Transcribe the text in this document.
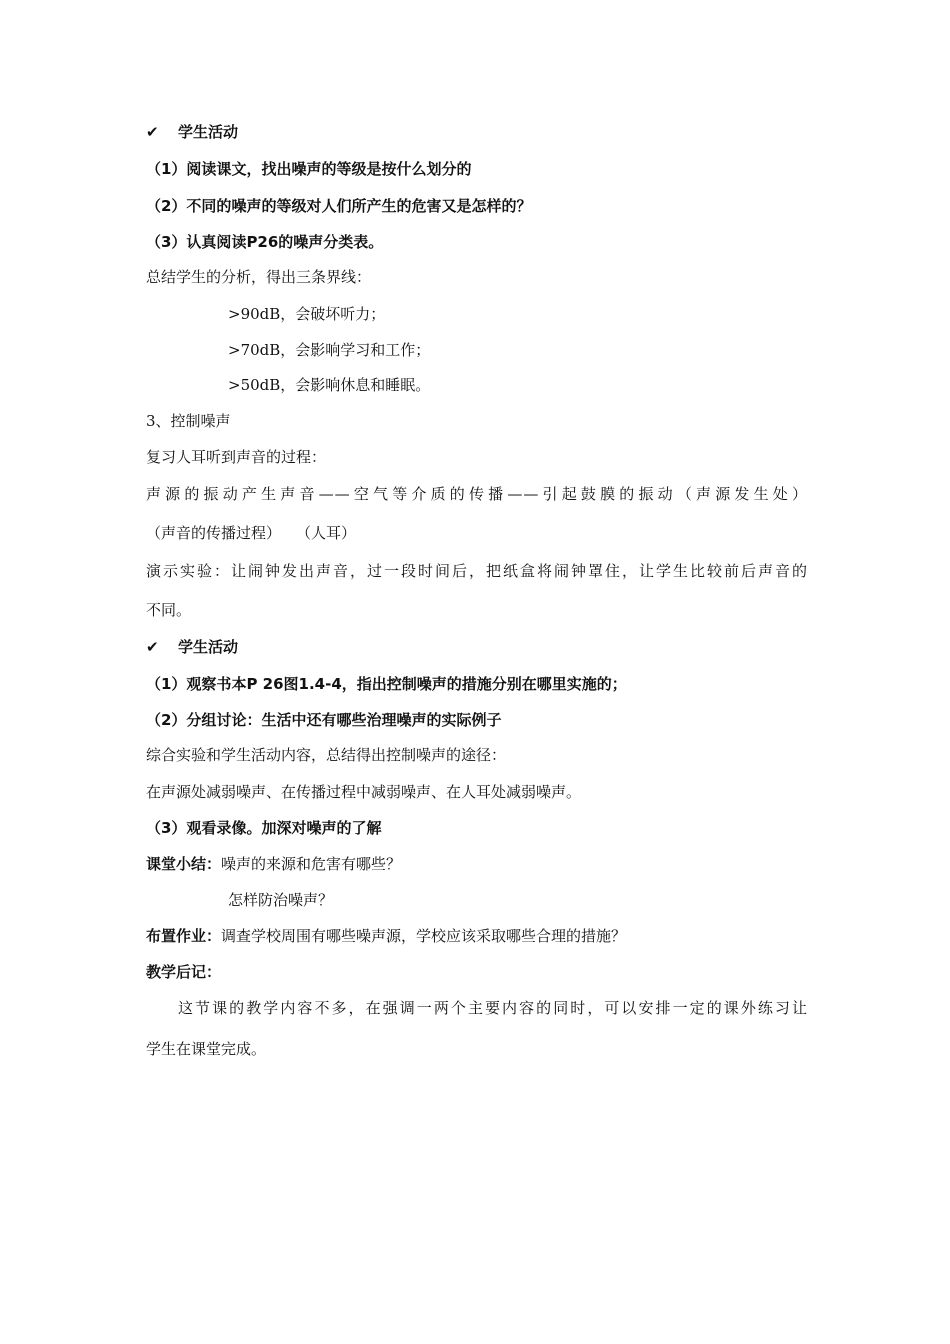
✔ 学生活动
（1）阅读课文，找出噪声的等级是按什么划分的
（2）不同的噪声的等级对人们所产生的危害又是怎样的？
（3）认真阅读P26的噪声分类表。
总结学生的分析，得出三条界线：
>90dB，会破坏听力；
>70dB，会影响学习和工作；
>50dB，会影响休息和睡眠。
3、控制噪声
复习人耳听到声音的过程：
声源的振动产生声音——空气等介质的传播——引起鼓膜的振动（声源发生处）
（声音的传播过程）　　（人耳）
演示实验：让闹钟发出声音，过一段时间后，把纸盒将闹钟罩住，让学生比较前后声音的
不同。
✔ 学生活动
（1）观察书本P 26图1.4-4，指出控制噪声的措施分别在哪里实施的；
（2）分组讨论：生活中还有哪些治理噪声的实际例子
综合实验和学生活动内容，总结得出控制噪声的途径：
在声源处减弱噪声、在传播过程中减弱噪声、在人耳处减弱噪声。
（3）观看录像。加深对噪声的了解
课堂小结：噪声的来源和危害有哪些？
怎样防治噪声？
布置作业：调查学校周围有哪些噪声源，学校应该采取哪些合理的措施？
教学后记：
这节课的教学内容不多，在强调一两个主要内容的同时，可以安排一定的课外练习让
学生在课堂完成。
